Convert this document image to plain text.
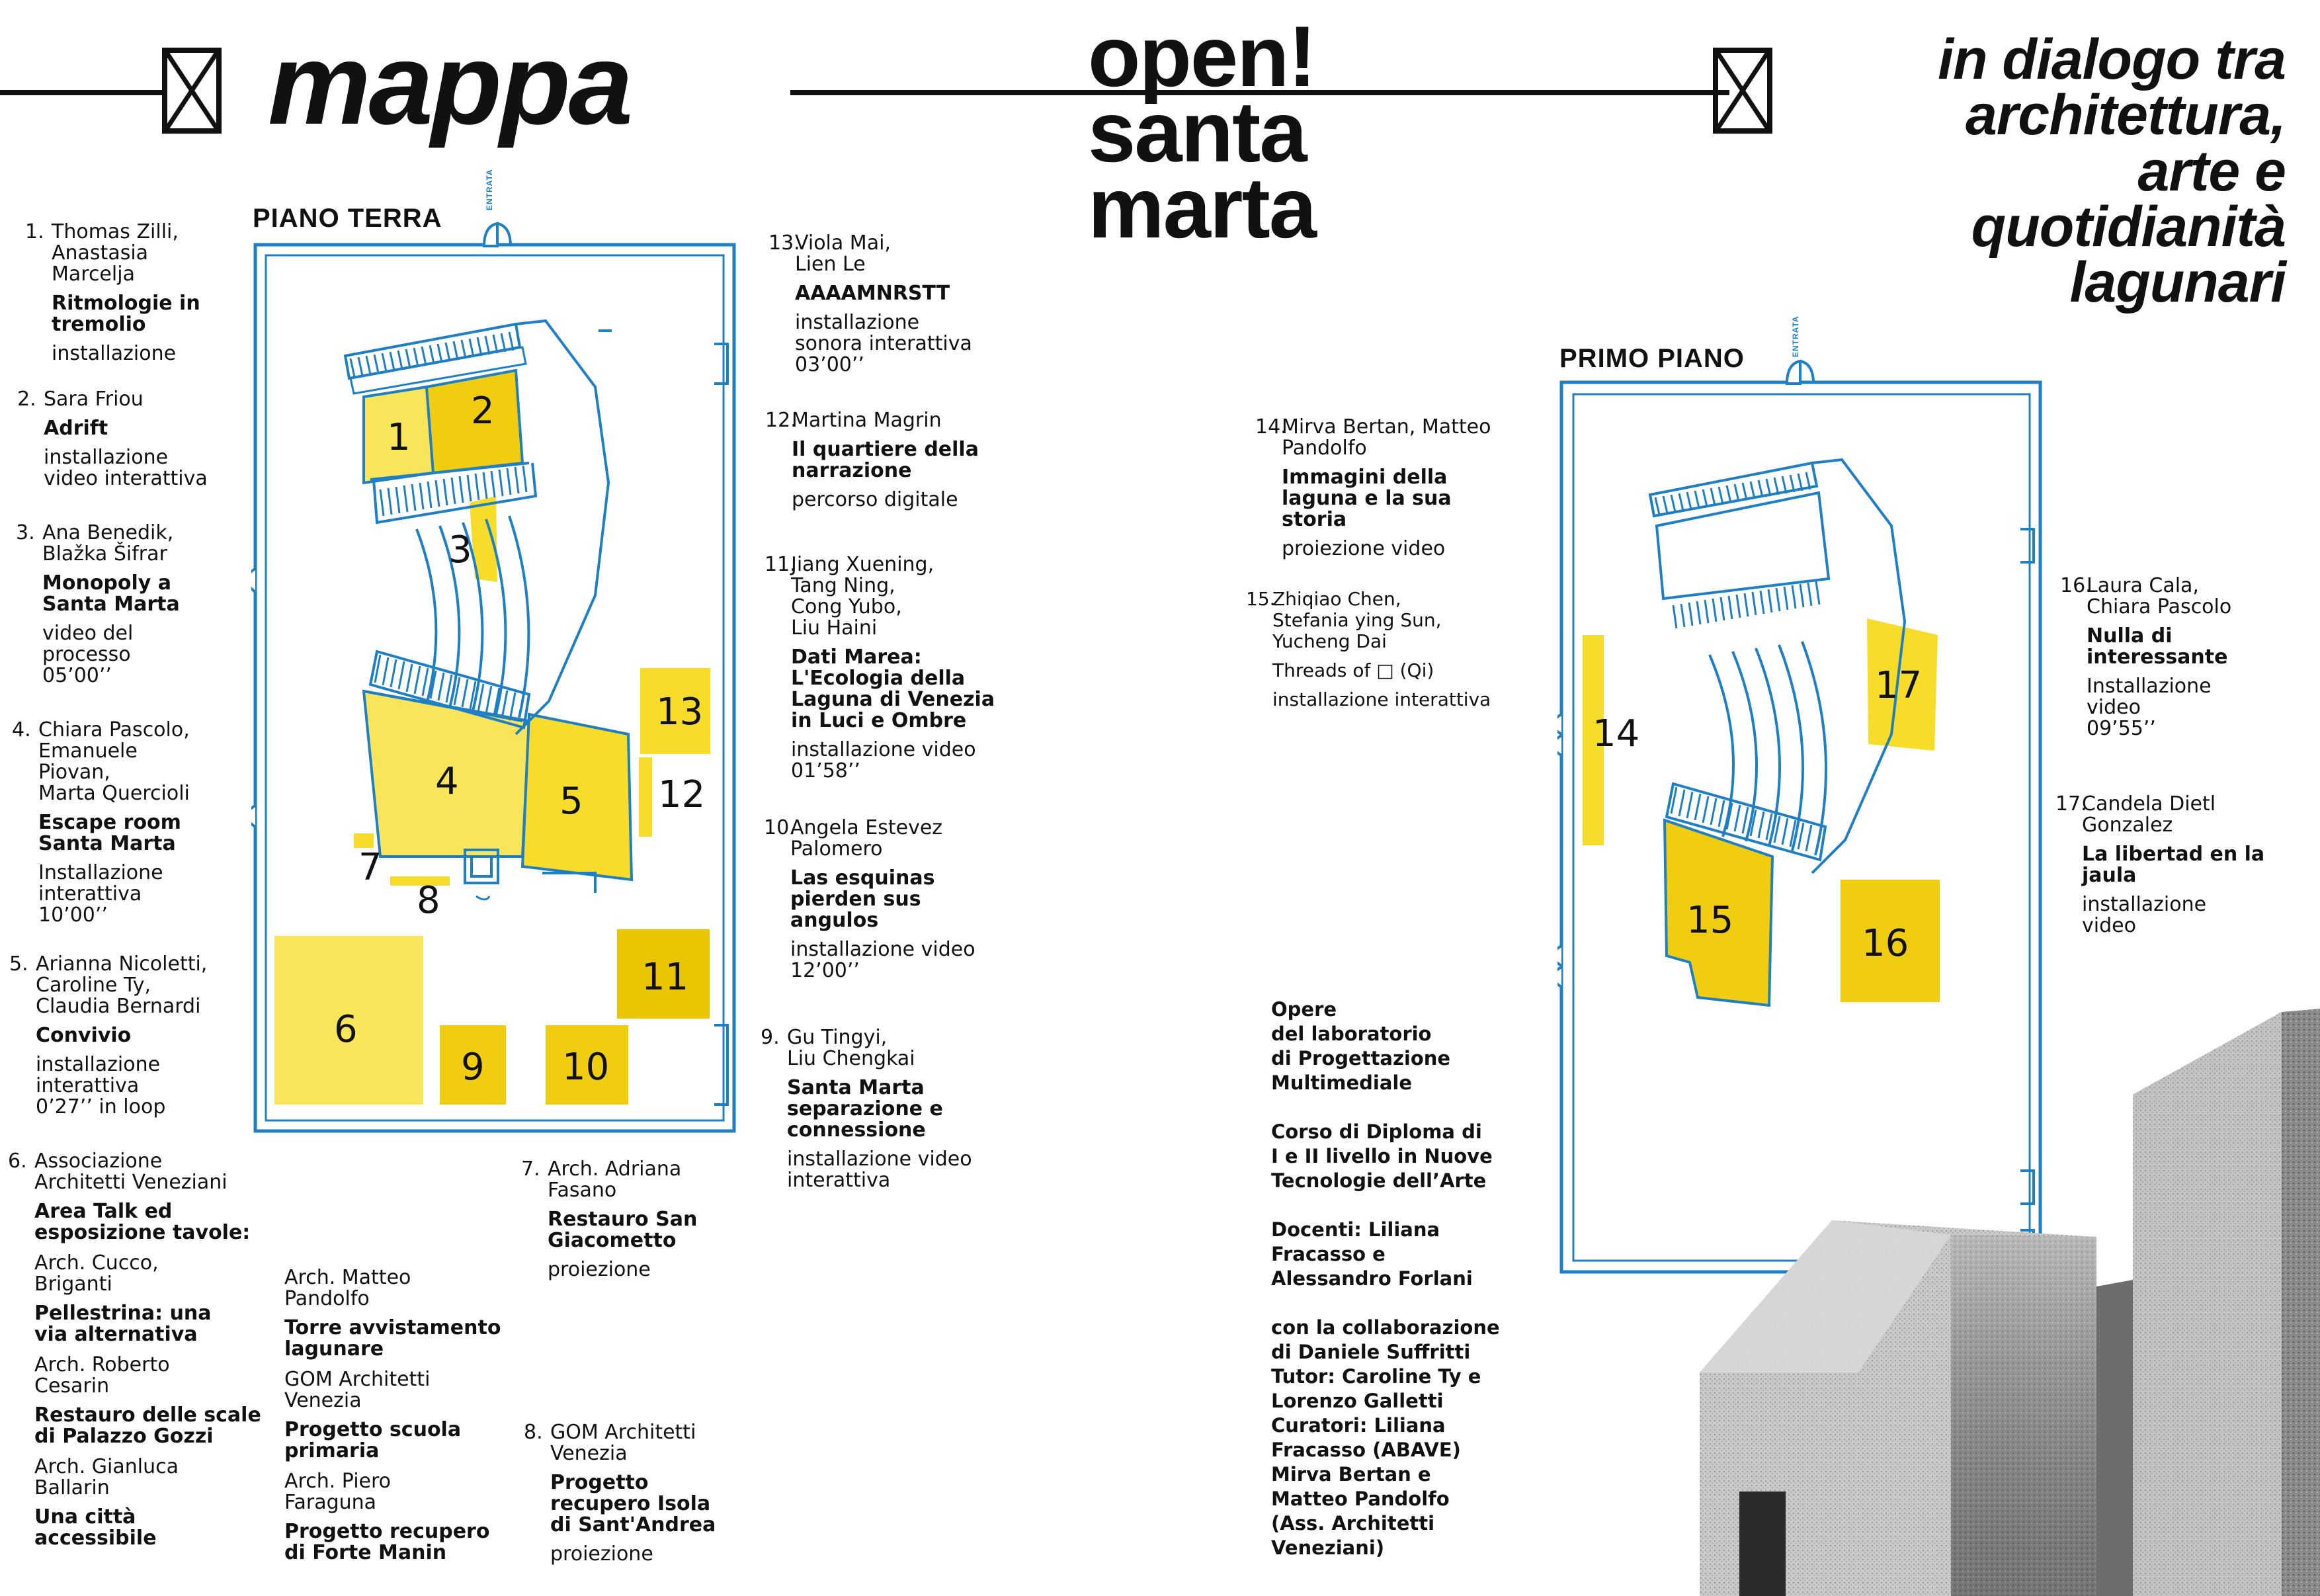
mappa	open!
santa
marta
in dialogo tra
architettura,
arte e
quotidianità
lagunari
PIANO TERRA
ENTRATA
1
2
3
4	5
6
7
8
9 10
11
12
13
PRIMO PIANO
ENTRATA
14
15
16
17
1. Thomas Zilli,
Anastasia
Marcelja
Ritmologie in
tremolio
installazione
2. Sara Friou
Adrift
installazione
video interattiva
3. Ana Benedik,
Blažka Šifrar
Monopoly a
Santa Marta
video del
processo
05’00’’
4. Chiara Pascolo,
Emanuele
Piovan,
Marta Quercioli
Escape room
Santa Marta
Installazione
interattiva
10’00’’
5. Arianna Nicoletti,
Caroline Ty,
Claudia Bernardi
Convivio
installazione
interattiva
0’27’’ in loop
6. Associazione
Architetti Veneziani
Area Talk ed
esposizione tavole:
Arch. Cucco,
Briganti
Pellestrina: una
via alternativa
Arch. Roberto
Cesarin
Restauro delle scale
di Palazzo Gozzi
Arch. Gianluca
Ballarin
Una città
accessibile
Arch. Matteo
Pandolfo
Torre avvistamento
lagunare
GOM Architetti
Venezia
Progetto scuola
primaria
Arch. Piero
Faraguna
Progetto recupero
di Forte Manin
7. Arch. Adriana
Fasano
Restauro San
Giacometto
proiezione
8. GOM Architetti
Venezia
Progetto
recupero Isola
di Sant'Andrea
proiezione
13.
Viola Mai,
Lien Le
AAAAMNRSTT
installazione
sonora interattiva
03’00’’
12.
Martina Magrin
Il quartiere della
narrazione
percorso digitale
11.
Jiang Xuening,
Tang Ning,
Cong Yubo,
Liu Haini
Dati Marea:
L'Ecologia della
Laguna di Venezia
in Luci e Ombre
installazione video
01’58’’
10.
Angela Estevez
Palomero
Las esquinas
pierden sus
angulos
installazione video
12’00’’
9. Gu Tingyi,
Liu Chengkai
Santa Marta
separazione e
connessione
installazione video
interattiva
14.
Mirva Bertan, Matteo
Pandolfo
Immagini della
laguna e la sua
storia
proiezione video
15.
Zhiqiao Chen,
Stefania ying Sun,
Yucheng Dai
Threads of □ (Qi)
installazione interattiva
16.
Laura Cala,
Chiara Pascolo
Nulla di
interessante
Installazione
video
09’55’’
17.
Candela Dietl
Gonzalez
La libertad en la
jaula
installazione
video
Opere
del laboratorio
di Progettazione
Multimediale

Corso di Diploma di
I e II livello in Nuove
Tecnologie dell’Arte

Docenti: Liliana
Fracasso e
Alessandro Forlani

con la collaborazione
di Daniele Suffritti
Tutor: Caroline Ty e
Lorenzo Galletti
Curatori: Liliana
Fracasso (ABAVE)
Mirva Bertan e
Matteo Pandolfo
(Ass. Architetti
Veneziani)
